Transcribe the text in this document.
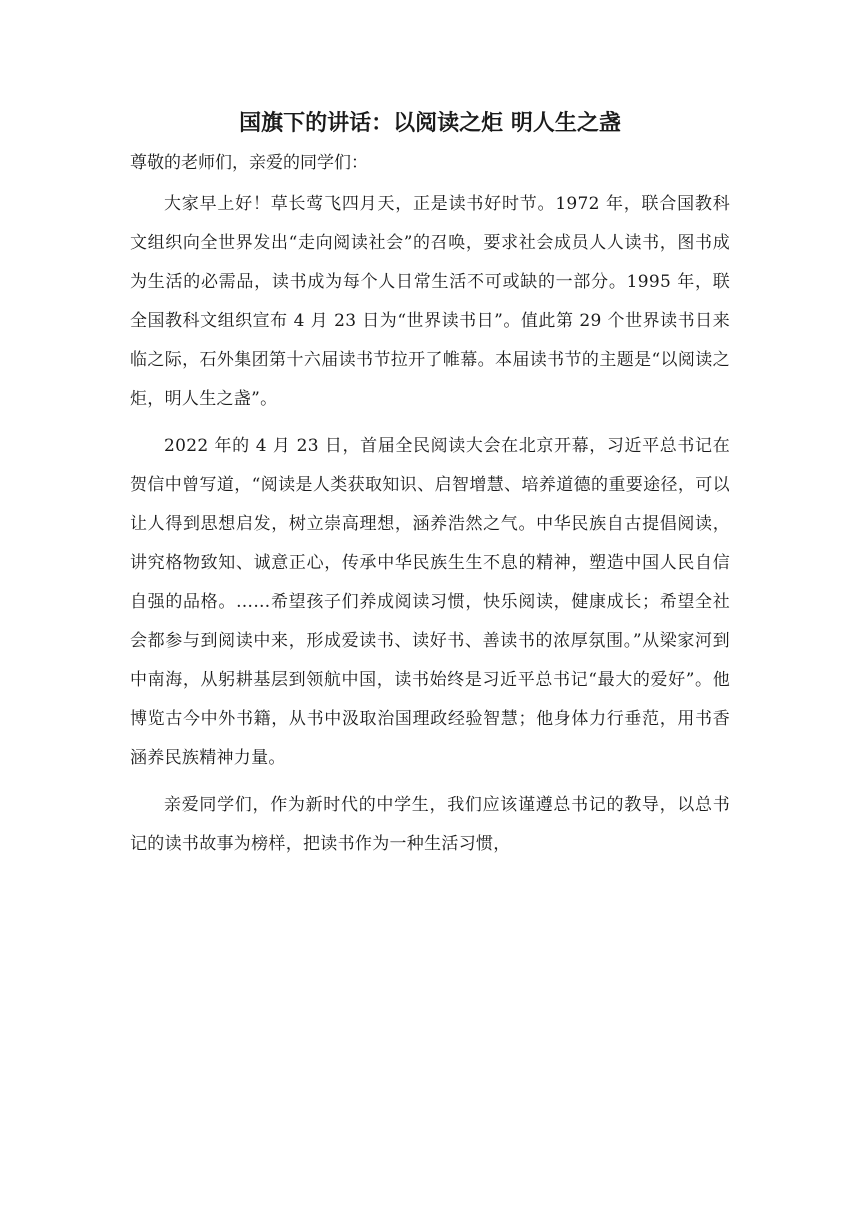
国旗下的讲话：以阅读之炬 明人生之盏

尊敬的老师们，亲爱的同学们：

大家早上好！草长莺飞四月天，正是读书好时节。1972 年，联合国教科文组织向全世界发出“走向阅读社会”的召唤，要求社会成员人人读书，图书成为生活的必需品，读书成为每个人日常生活不可或缺的一部分。1995 年，联全国教科文组织宣布 4 月 23 日为“世界读书日”。值此第 29 个世界读书日来临之际，石外集团第十六届读书节拉开了帷幕。本届读书节的主题是“以阅读之炬，明人生之盏”。

2022 年的 4 月 23 日，首届全民阅读大会在北京开幕，习近平总书记在贺信中曾写道，“阅读是人类获取知识、启智增慧、培养道德的重要途径，可以让人得到思想启发，树立崇高理想，涵养浩然之气。中华民族自古提倡阅读，讲究格物致知、诚意正心，传承中华民族生生不息的精神，塑造中国人民自信自强的品格。……希望孩子们养成阅读习惯，快乐阅读，健康成长；希望全社会都参与到阅读中来，形成爱读书、读好书、善读书的浓厚氛围。”从梁家河到中南海，从躬耕基层到领航中国，读书始终是习近平总书记“最大的爱好”。他博览古今中外书籍，从书中汲取治国理政经验智慧；他身体力行垂范，用书香涵养民族精神力量。

亲爱同学们，作为新时代的中学生，我们应该谨遵总书记的教导，以总书记的读书故事为榜样，把读书作为一种生活习惯，
